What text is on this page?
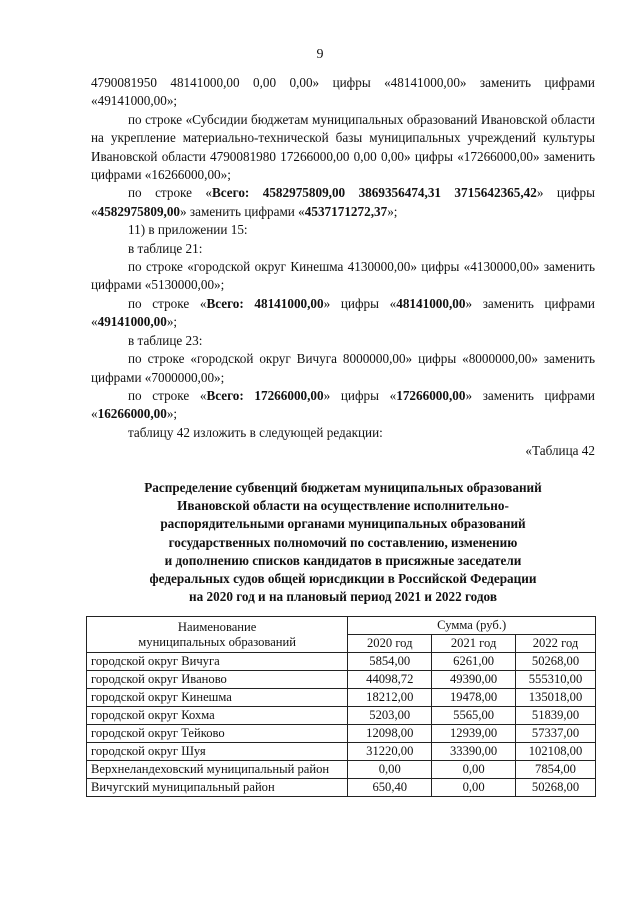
9

4790081950 48141000,00 0,00 0,00» цифры «48141000,00» заменить цифрами «49141000,00»;

по строке «Субсидии бюджетам муниципальных образований Ивановской области на укрепление материально-технической базы муниципальных учреждений культуры Ивановской области 4790081980 17266000,00 0,00 0,00» цифры «17266000,00» заменить цифрами «16266000,00»;

по строке «Всего: 4582975809,00 3869356474,31 3715642365,42» цифры «4582975809,00» заменить цифрами «4537171272,37»;

11) в приложении 15:

в таблице 21:

по строке «городской округ Кинешма 4130000,00» цифры «4130000,00» заменить цифрами «5130000,00»;

по строке «Всего: 48141000,00» цифры «48141000,00» заменить цифрами «49141000,00»;

в таблице 23:

по строке «городской округ Вичуга 8000000,00» цифры «8000000,00» заменить цифрами «7000000,00»;

по строке «Всего: 17266000,00» цифры «17266000,00» заменить цифрами «16266000,00»;

таблицу 42 изложить в следующей редакции:

«Таблица 42

Распределение субвенций бюджетам муниципальных образований
Ивановской области на осуществление исполнительно-
распорядительными органами муниципальных образований
государственных полномочий по составлению, изменению
и дополнению списков кандидатов в присяжные заседатели
федеральных судов общей юрисдикции в Российской Федерации
на 2020 год и на плановый период 2021 и 2022 годов
Наименование
муниципальных образований	Сумма (руб.)		
	2020 год	2021 год	2022 год
городской округ Вичуга	5854,00	6261,00	50268,00
городской округ Иваново	44098,72	49390,00	555310,00
городской округ Кинешма	18212,00	19478,00	135018,00
городской округ Кохма	5203,00	5565,00	51839,00
городской округ Тейково	12098,00	12939,00	57337,00
городской округ Шуя	31220,00	33390,00	102108,00
Верхнеландеховский муниципальный район	0,00	0,00	7854,00
Вичугский муниципальный район	650,40	0,00	50268,00
